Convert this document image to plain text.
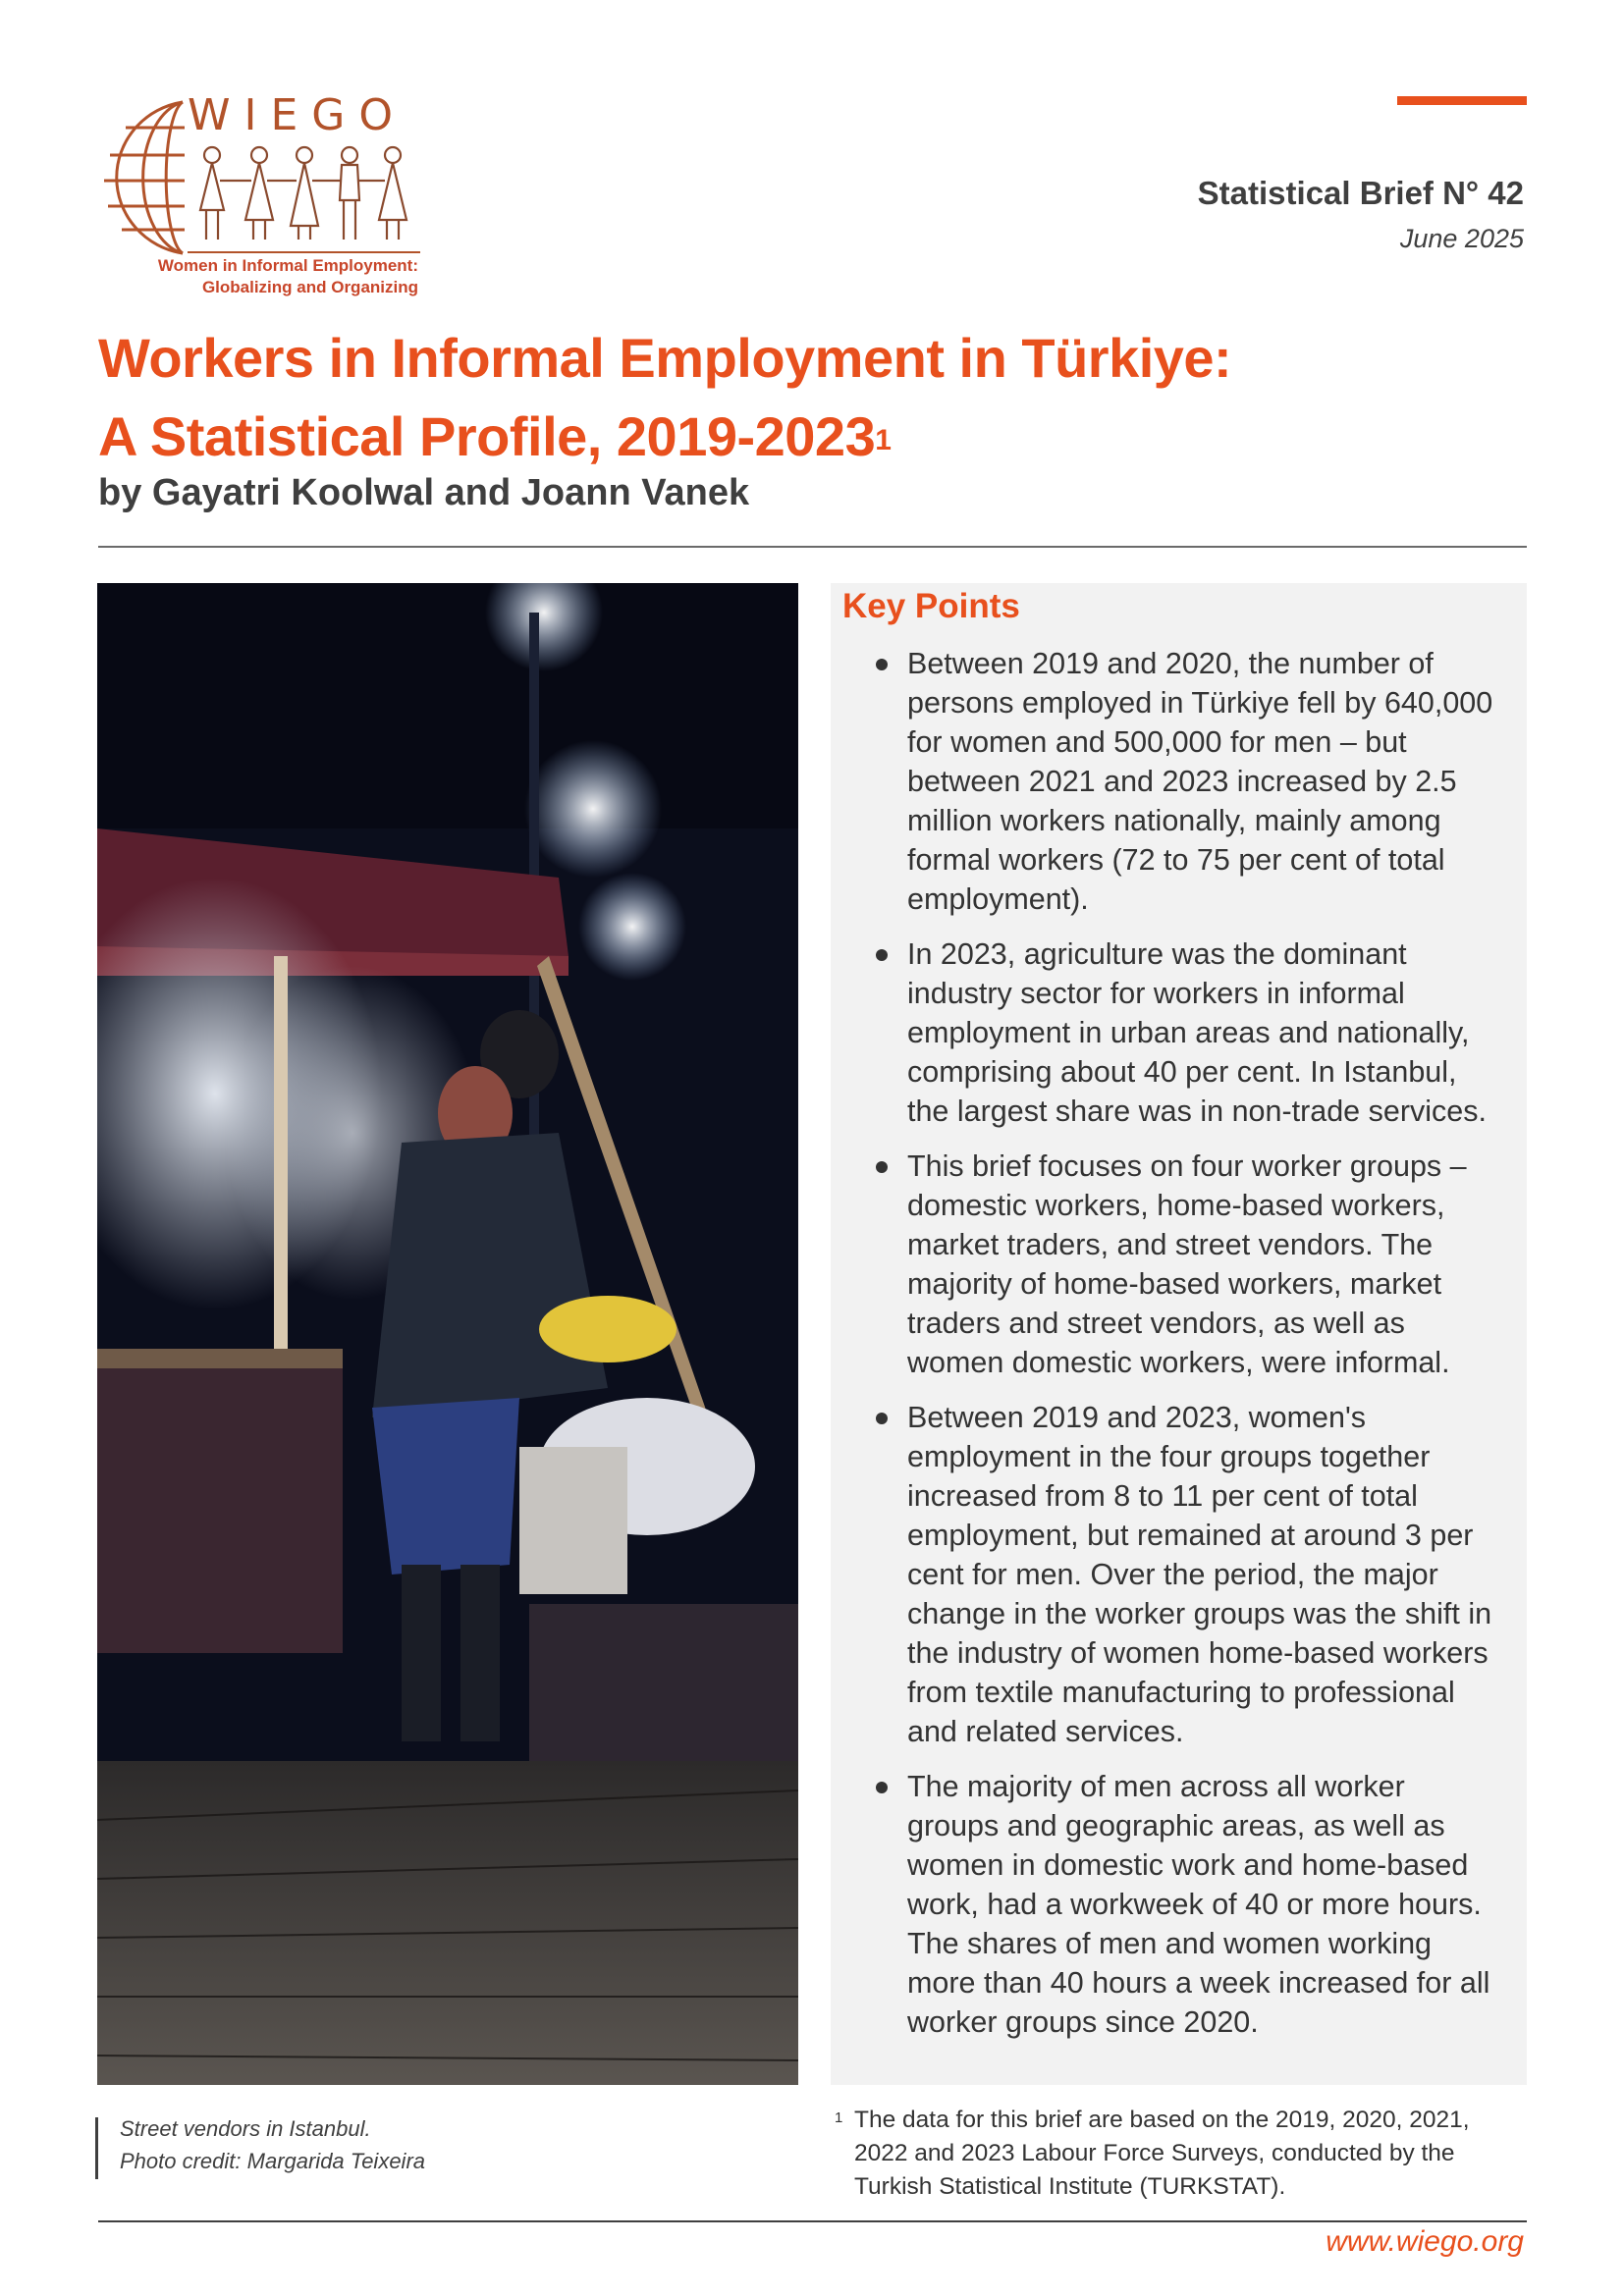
WIEGO
Women in Informal Employment:
Globalizing and Organizing
Statistical Brief N° 42
June 2025
Workers in Informal Employment in Türkiye:
A Statistical Profile, 2019-2023$^1$
by Gayatri Koolwal and Joann Vanek
Street vendors in Istanbul.
Photo credit: Margarida Teixeira
Key Points
Between 2019 and 2020, the number of persons employed in Türkiye fell by 640,000 for women and 500,000 for men – but between 2021 and 2023 increased by 2.5 million workers nationally, mainly among formal workers (72 to 75 per cent of total employment).
In 2023, agriculture was the dominant industry sector for workers in informal employment in urban areas and nationally, comprising about 40 per cent. In Istanbul, the largest share was in non-trade services.
This brief focuses on four worker groups – domestic workers, home-based workers, market traders, and street vendors. The majority of home-based workers, market traders and street vendors, as well as women domestic workers, were informal.
Between 2019 and 2023, women's employment in the four groups together increased from 8 to 11 per cent of total employment, but remained at around 3 per cent for men. Over the period, the major change in the worker groups was the shift in the industry of women home-based workers from textile manufacturing to professional and related services.
The majority of men across all worker groups and geographic areas, as well as women in domestic work and home-based work, had a workweek of 40 or more hours. The shares of men and women working more than 40 hours a week increased for all worker groups since 2020.
1 The data for this brief are based on the 2019, 2020, 2021, 2022 and 2023 Labour Force Surveys, conducted by the Turkish Statistical Institute (TURKSTAT).
www.wiego.org
